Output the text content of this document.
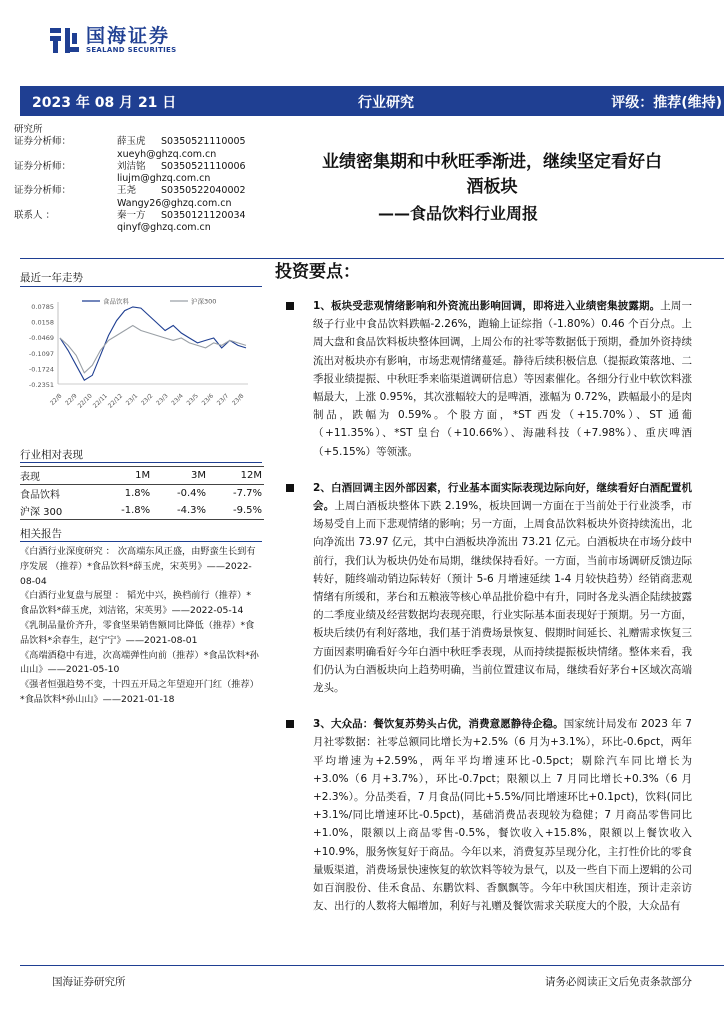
国海证券
SEALAND SECURITIES
2023 年 08 月 21 日	行业研究	评级：推荐(维持)
研究所
证券分析师：	薛玉虎 S0350521110005
xueyh@ghzq.com.cn
证券分析师：	刘洁铭 S0350521110006
liujm@ghzq.com.cn
证券分析师：	王尧	S0350522040002
Wangy26@ghzq.com.cn
联系人 ：	秦一方 S0350121120034
qinyf@ghzq.com.cn
业绩密集期和中秋旺季渐进，继续坚定看好白
酒板块
——食品饮料行业周报
最近一年走势
0.0785
0.0158
-0.0469
-0.1097
-0.1724
-0.2351
22/8 22/9
22/10
22/11
22/12 23/1 23/2 23/3 23/4 23/5 23/6 23/7 23/8
食品饮料	沪深300
行业相对表现
表现	1M	3M	12M
食品饮料	1.8%	-0.4%	-7.7%
沪深 300	-1.8%	-4.3%	-9.5%
相关报告
《白酒行业深度研究 ： 次高端东风正盛，由野蛮生长到有序发展 （推荐）*食品饮料*薛玉虎，宋英男》——2022-08-04
《白酒行业复盘与展望 ： 韬光中兴，换档前行（推荐）*食品饮料*薛玉虎，刘洁铭，宋英男》——2022-05-14
《乳制品量价齐升，零食坚果销售额同比降低（推荐）*食品饮料*余春生，赵宁宁》——2021-08-01
《高端酒稳中有进，次高端弹性向前（推荐）*食品饮料*孙山山》——2021-05-10
《强者恒强趋势不变，十四五开局之年望迎开门红（推荐）*食品饮料*孙山山》——2021-01-18
投资要点：
1、板块受悲观情绪影响和外资流出影响回调，即将进入业绩密集披露期。上周一级子行业中食品饮料跌幅-2.26%，跑输上证综指（-1.80%）0.46 个百分点。上周大盘和食品饮料板块整体回调，上周公布的社零等数据低于预期，叠加外资持续流出对板块亦有影响，市场悲观情绪蔓延。静待后续积极信息（提振政策落地、二季报业绩提振、中秋旺季来临渠道调研信息）等因素催化。各细分行业中软饮料涨幅最大，上涨 0.95%，其次涨幅较大的是啤酒，涨幅为 0.72%，跌幅最小的是肉制品，跌幅为 0.59%。个股方面，*ST 西发（+15.70%）、ST 通葡（+11.35%）、*ST 皇台（+10.66%）、海融科技（+7.98%）、重庆啤酒（+5.15%）等领涨。
2、白酒回调主因外部因素，行业基本面实际表现边际向好，继续看好白酒配置机会。上周白酒板块整体下跌 2.19%，板块回调一方面在于当前处于行业淡季，市场易受自上而下悲观情绪的影响；另一方面，上周食品饮料板块外资持续流出，北向净流出 73.97 亿元，其中白酒板块净流出 73.21 亿元。白酒板块在市场分歧中前行，我们认为板块仍处布局期，继续保持看好。一方面，当前市场调研反馈边际转好，随终端动销边际转好（预计 5-6 月增速延续 1-4 月较快趋势）经销商悲观情绪有所缓和，茅台和五粮液等核心单品批价稳中有升，同时各龙头酒企陆续披露的二季度业绩及经营数据均表现亮眼，行业实际基本面表现好于预期。另一方面，板块后续仍有利好落地，我们基于消费场景恢复、假期时间延长、礼赠需求恢复三方面因素明确看好今年白酒中秋旺季表现，从而持续提振板块情绪。整体来看，我们仍认为白酒板块向上趋势明确，当前位置建议布局，继续看好茅台+区域次高端龙头。
3、大众品：餐饮复苏势头占优，消费意愿静待企稳。国家统计局发布 2023 年 7 月社零数据：社零总额同比增长为+2.5%（6 月为+3.1%），环比-0.6pct，两年平均增速为+2.59%，两年平均增速环比-0.5pct；剔除汽车同比增长为+3.0%（6 月+3.7%），环比-0.7pct；限额以上 7 月同比增长+0.3%（6 月+2.3%）。分品类看，7 月食品(同比+5.5%/同比增速环比+0.1pct)，饮料(同比+3.1%/同比增速环比-0.5pct)，基础消费品表现较为稳健；7 月商品零售同比+1.0%，限额以上商品零售-0.5%，餐饮收入+15.8%，限额以上餐饮收入+10.9%，服务恢复好于商品。今年以来，消费复苏呈现分化，主打性价比的零食量贩渠道，消费场景快速恢复的软饮料等较为景气，以及一些自下而上逻辑的公司如百润股份、佳禾食品、东鹏饮料、香飘飘等。今年中秋国庆相连，预计走亲访友、出行的人数将大幅增加，利好与礼赠及餐饮需求关联度大的个股，大众品有
国海证券研究所	请务必阅读正文后免责条款部分
